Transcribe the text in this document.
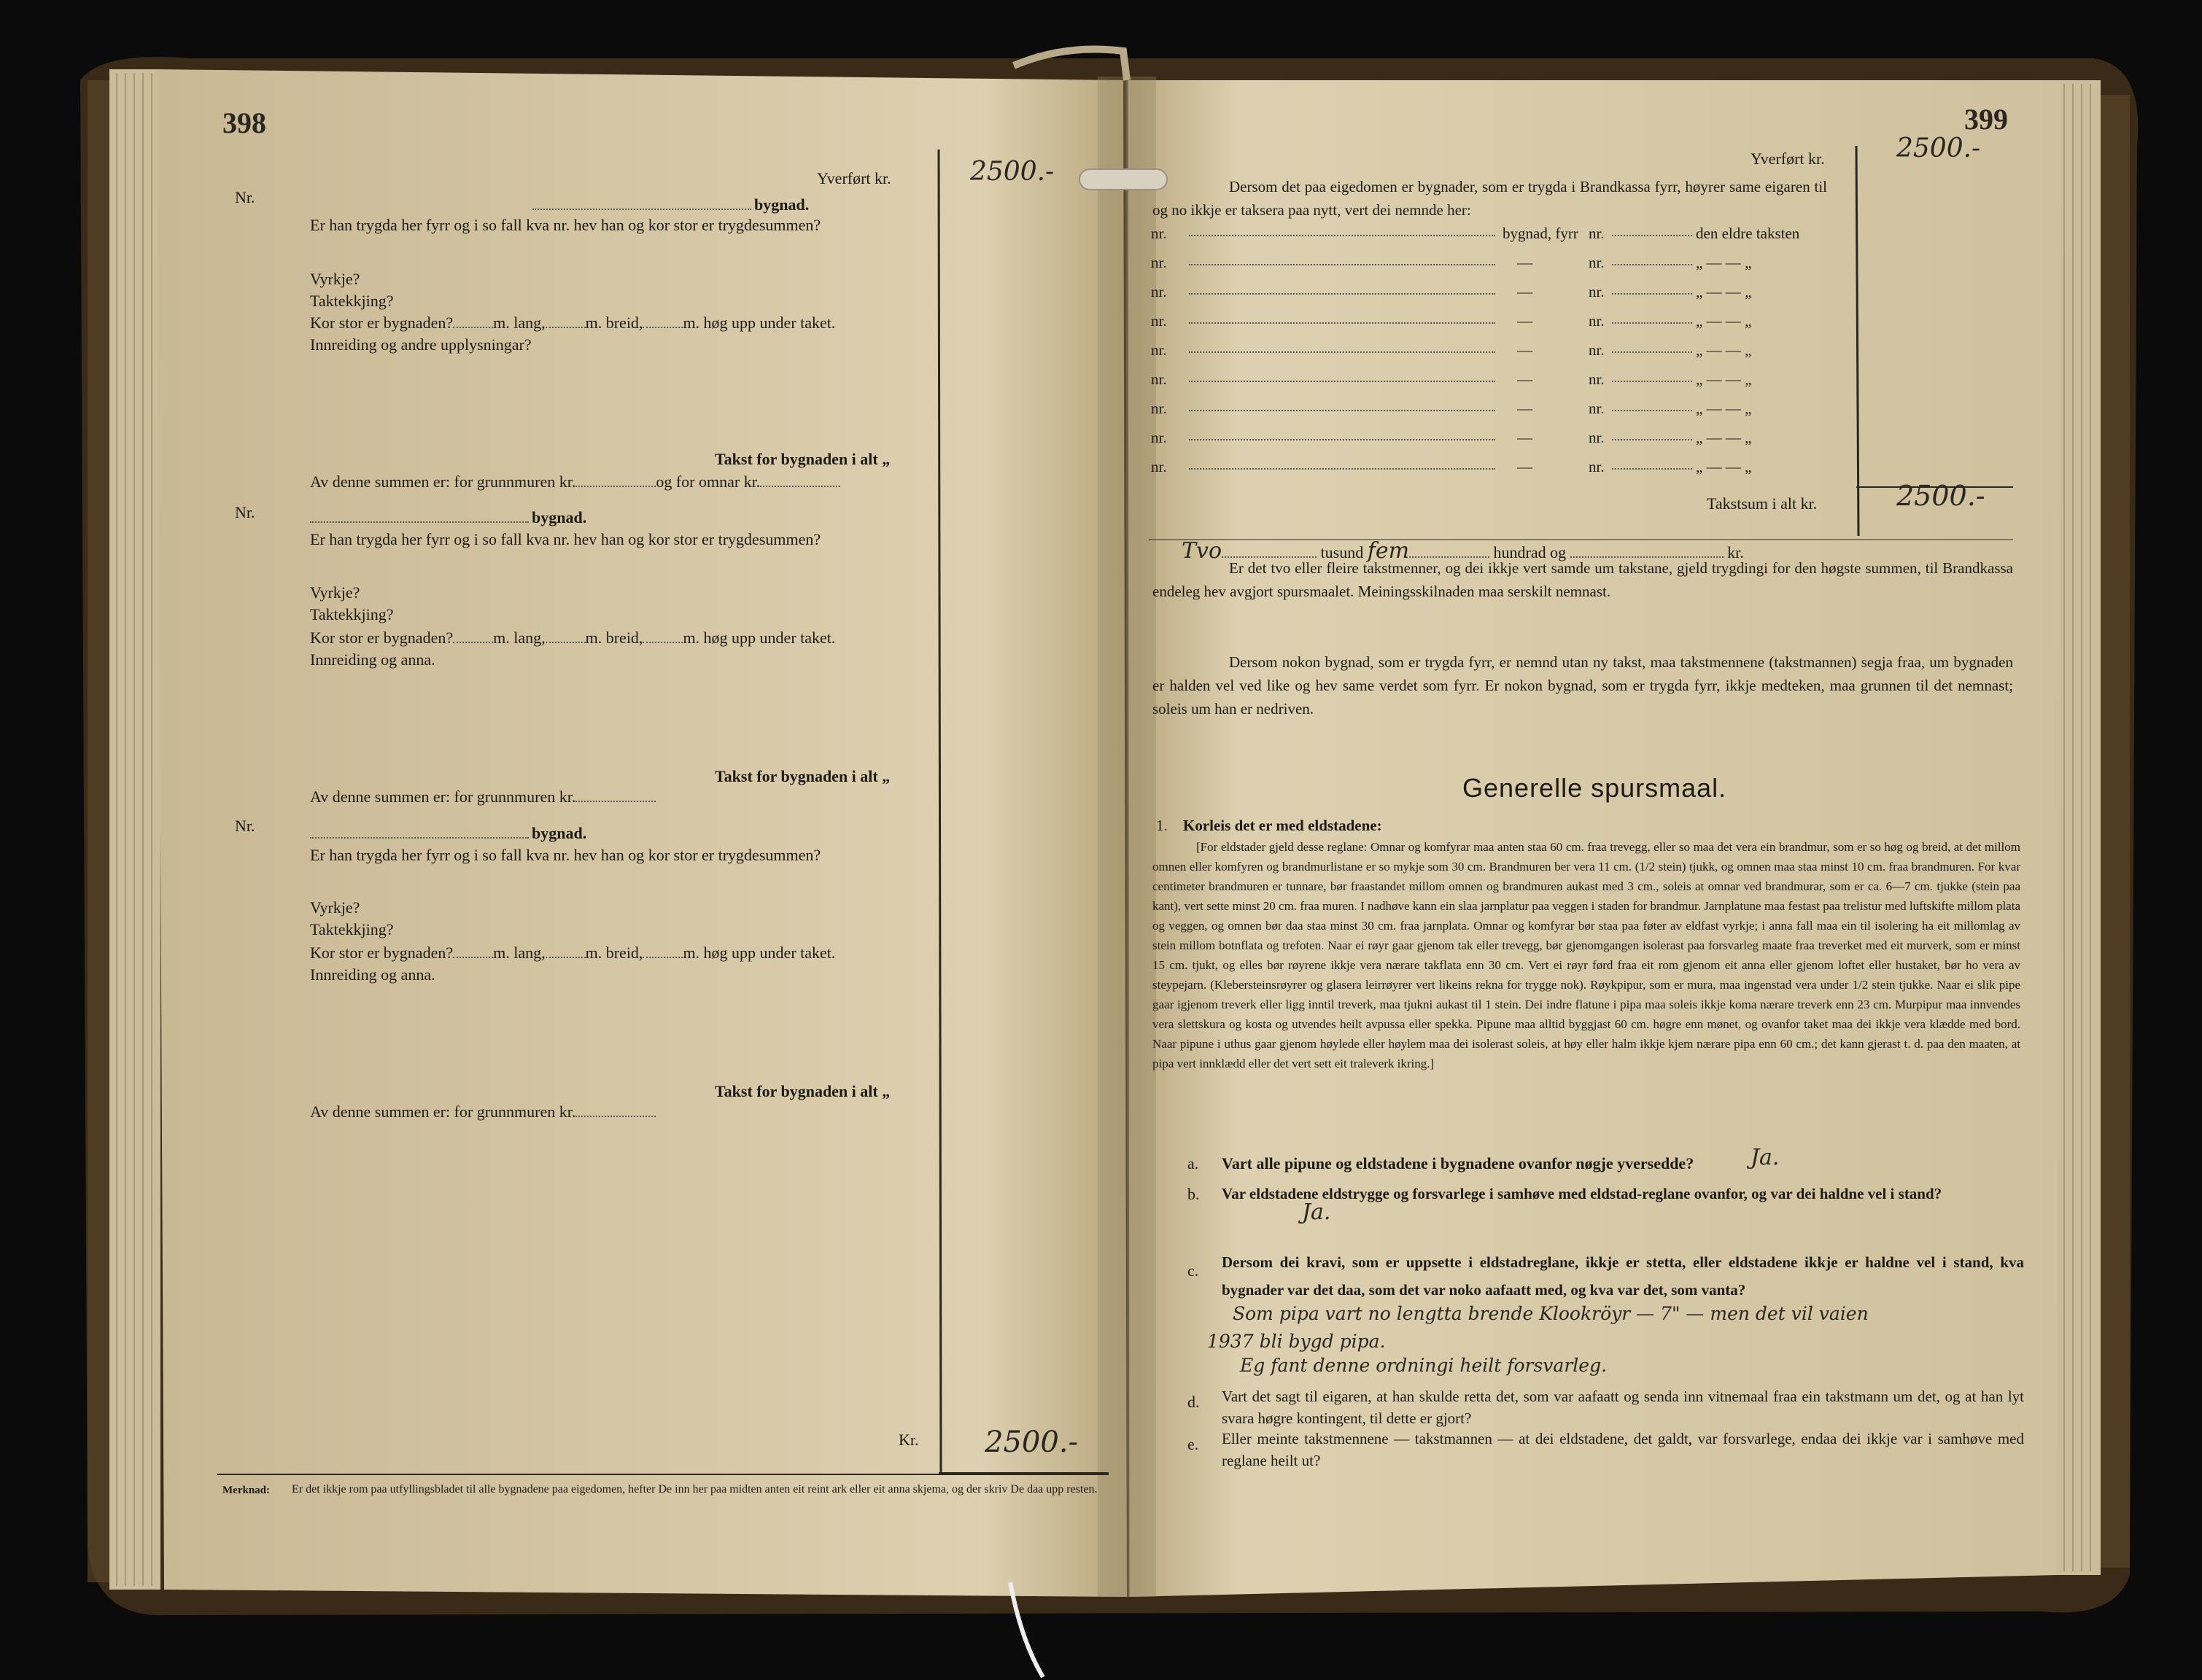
398
Yverført kr.	2500.-
Nr.	bygnad.
Er han trygda her fyrr og i so fall kva nr. hev han og kor stor er trygdesummen?
Vyrkje?
Taktekkjing?
Kor stor er bygnaden?	m. lang,	m. breid,	m. høg upp under taket.
Innreiding og andre upplysningar?
Takst for bygnaden i alt „
Av denne summen er: for grunnmuren kr.	og for omnar kr.
Nr.	bygnad.
Er han trygda her fyrr og i so fall kva nr. hev han og kor stor er trygdesummen?
Vyrkje?
Taktekkjing?
Kor stor er bygnaden?	m. lang,	m. breid,	m. høg upp under taket.
Innreiding og anna.
Takst for bygnaden i alt „
Av denne summen er: for grunnmuren kr.
Nr.	bygnad.
Er han trygda her fyrr og i so fall kva nr. hev han og kor stor er trygdesummen?
Vyrkje?
Taktekkjing?
Kor stor er bygnaden?	m. lang,	m. breid,	m. høg upp under taket.
Innreiding og anna.
Takst for bygnaden i alt „
Av denne summen er: for grunnmuren kr.
Kr. 2500.-
Merknad: Er det ikkje rom paa utfyllingsbladet til alle bygnadene paa eigedomen, hefter De inn her paa midten anten eit reint ark eller eit anna skjema, og der skriv De daa upp resten.
399
Yverført kr.	2500.-
Dersom det paa eigedomen er bygnader, som er trygda i Brandkassa fyrr, høyrer same eigaren til og no ikkje er taksera paa nytt, vert dei nemnde her:
nr.	bygnad, fyrr nr.	den eldre taksten
nr.	—	nr.	„ — — „
nr.	—	nr.	„ — — „
nr.	—	nr.	„ — — „
nr.	—	nr.	„ — — „
nr.	—	nr.	„ — — „
nr.	—	nr.	„ — — „
nr.	—	nr.	„ — — „
nr.	—	nr.	„ — — „
Takstsum i alt kr.	2500.-
Tvo	tusund fem	hundrad og	kr.
Er det tvo eller fleire takstmenner, og dei ikkje vert samde um takstane, gjeld trygdingi for den høgste summen, til Brandkassa endeleg hev avgjort spursmaalet. Meiningsskilnaden maa serskilt nemnast.
Dersom nokon bygnad, som er trygda fyrr, er nemnd utan ny takst, maa takstmennene (takstmannen) segja fraa, um bygnaden er halden vel ved like og hev same verdet som fyrr. Er nokon bygnad, som er trygda fyrr, ikkje medteken, maa grunnen til det nemnast; soleis um han er nedriven.
Generelle spursmaal.
1. Korleis det er med eldstadene:
[For eldstader gjeld desse reglane: Omnar og komfyrar maa anten staa 60 cm. fraa trevegg, eller so maa det vera ein brandmur, som er so høg og breid, at det millom omnen eller komfyren og brandmurlistane er so mykje som 30 cm. Brandmuren ber vera 11 cm. (1/2 stein) tjukk, og omnen maa staa minst 10 cm. fraa brandmuren. For kvar centimeter brandmuren er tunnare, bør fraastandet millom omnen og brandmuren aukast med 3 cm., soleis at omnar ved brandmurar, som er ca. 6—7 cm. tjukke (stein paa kant), vert sette minst 20 cm. fraa muren. I nadhøve kann ein slaa jarnplatur paa veggen i staden for brandmur. Jarnplatune maa festast paa trelistur med luftskifte millom plata og veggen, og omnen bør daa staa minst 30 cm. fraa jarnplata. Omnar og komfyrar bør staa paa føter av eldfast vyrkje; i anna fall maa ein til isolering ha eit millomlag av stein millom botnflata og trefoten. Naar ei røyr gaar gjenom tak eller trevegg, bør gjenomgangen isolerast paa forsvarleg maate fraa treverket med eit murverk, som er minst 15 cm. tjukt, og elles bør røyrene ikkje vera nærare takflata enn 30 cm. Vert ei røyr førd fraa eit rom gjenom eit anna eller gjenom loftet eller hustaket, bør ho vera av steypejarn. (Klebersteinsrøyrer og glasera leirrøyrer vert likeins rekna for trygge nok). Røykpipur, som er mura, maa ingenstad vera under 1/2 stein tjukke. Naar ei slik pipe gaar igjenom treverk eller ligg inntil treverk, maa tjukni aukast til 1 stein. Dei indre flatune i pipa maa soleis ikkje koma nærare treverk enn 23 cm. Murpipur maa innvendes vera slettskura og kosta og utvendes heilt avpussa eller spekka. Pipune maa alltid byggjast 60 cm. høgre enn mønet, og ovanfor taket maa dei ikkje vera klædde med bord. Naar pipune i uthus gaar gjenom høylede eller høylem maa dei isolerast soleis, at høy eller halm ikkje kjem nærare pipa enn 60 cm.; det kann gjerast t. d. paa den maaten, at pipa vert innklædd eller det vert sett eit traleverk ikring.]
a. Vart alle pipune og eldstadene i bygnadene ovanfor nøgje yversedde?	Ja.
b. Var eldstadene eldstrygge og forsvarlege i samhøve med eldstad-reglane ovanfor, og var dei haldne vel i stand?
Ja.
c. Dersom dei kravi, som er uppsette i eldstadreglane, ikkje er stetta, eller eldstadene ikkje er haldne vel i stand, kva bygnader var det daa, som det var noko aafaatt med, og kva var det, som vanta?
Som pipa vart no lengtta brende Klookröyr — 7" — men det vil vaien
1937 bli bygd pipa.
Eg fant denne ordningi heilt forsvarleg.
d. Vart det sagt til eigaren, at han skulde retta det, som var aafaatt og senda inn vitnemaal fraa ein takstmann um det, og at han lyt svara høgre kontingent, til dette er gjort?
e. Eller meinte takstmennene — takstmannen — at dei eldstadene, det galdt, var forsvarlege, endaa dei ikkje var i samhøve med reglane heilt ut?
